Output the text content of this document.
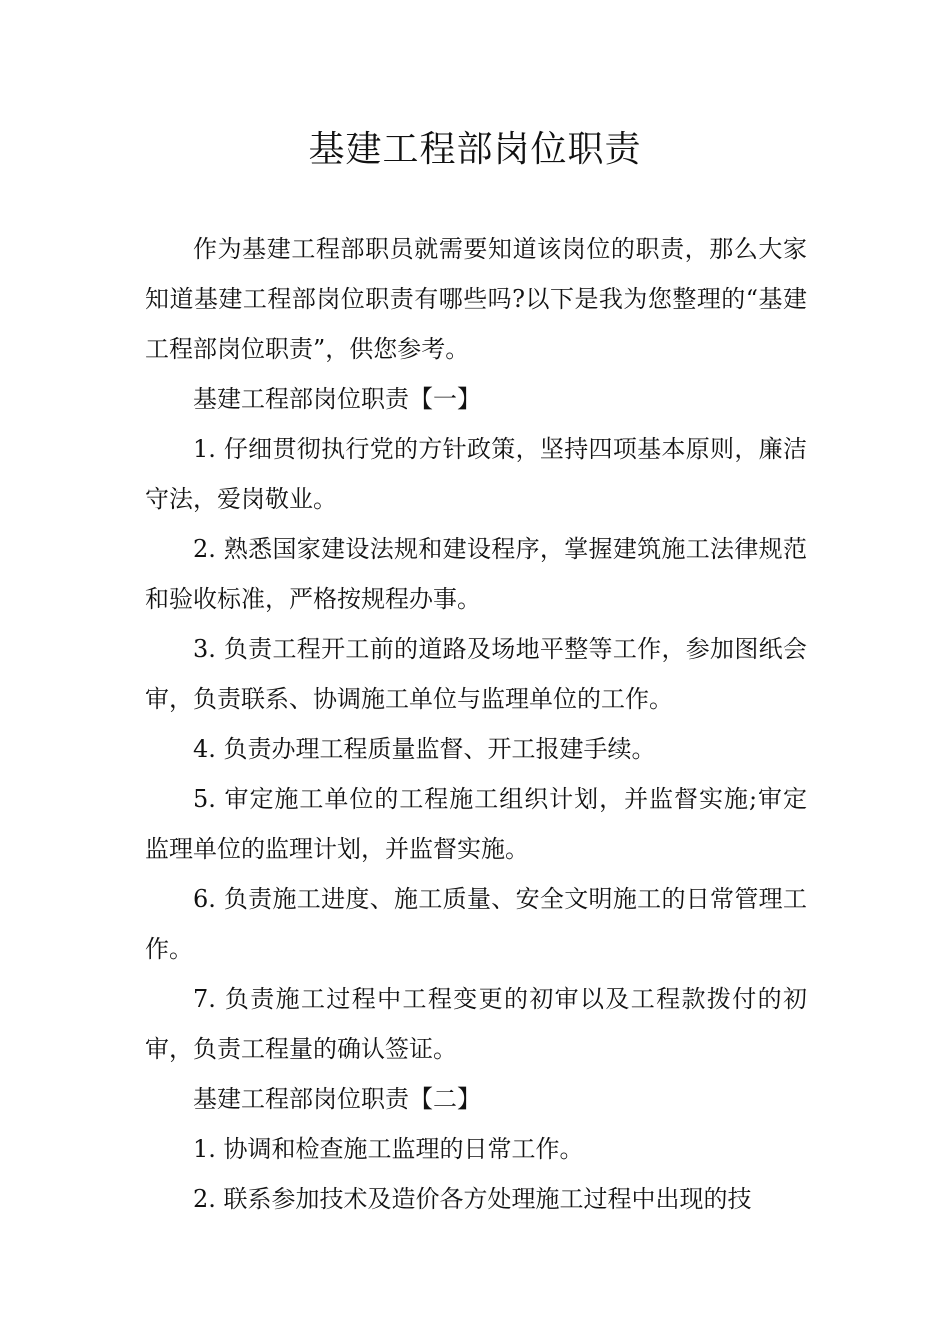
基建工程部岗位职责

作为基建工程部职员就需要知道该岗位的职责，那么大家知道基建工程部岗位职责有哪些吗?以下是我为您整理的“基建工程部岗位职责”，供您参考。

基建工程部岗位职责【一】

1. 仔细贯彻执行党的方针政策，坚持四项基本原则，廉洁守法，爱岗敬业。

2. 熟悉国家建设法规和建设程序，掌握建筑施工法律规范和验收标准，严格按规程办事。

3. 负责工程开工前的道路及场地平整等工作，参加图纸会审，负责联系、协调施工单位与监理单位的工作。

4. 负责办理工程质量监督、开工报建手续。

5. 审定施工单位的工程施工组织计划，并监督实施;审定监理单位的监理计划，并监督实施。

6. 负责施工进度、施工质量、安全文明施工的日常管理工作。

7. 负责施工过程中工程变更的初审以及工程款拨付的初审，负责工程量的确认签证。

基建工程部岗位职责【二】

1. 协调和检查施工监理的日常工作。

2. 联系参加技术及造价各方处理施工过程中出现的技
